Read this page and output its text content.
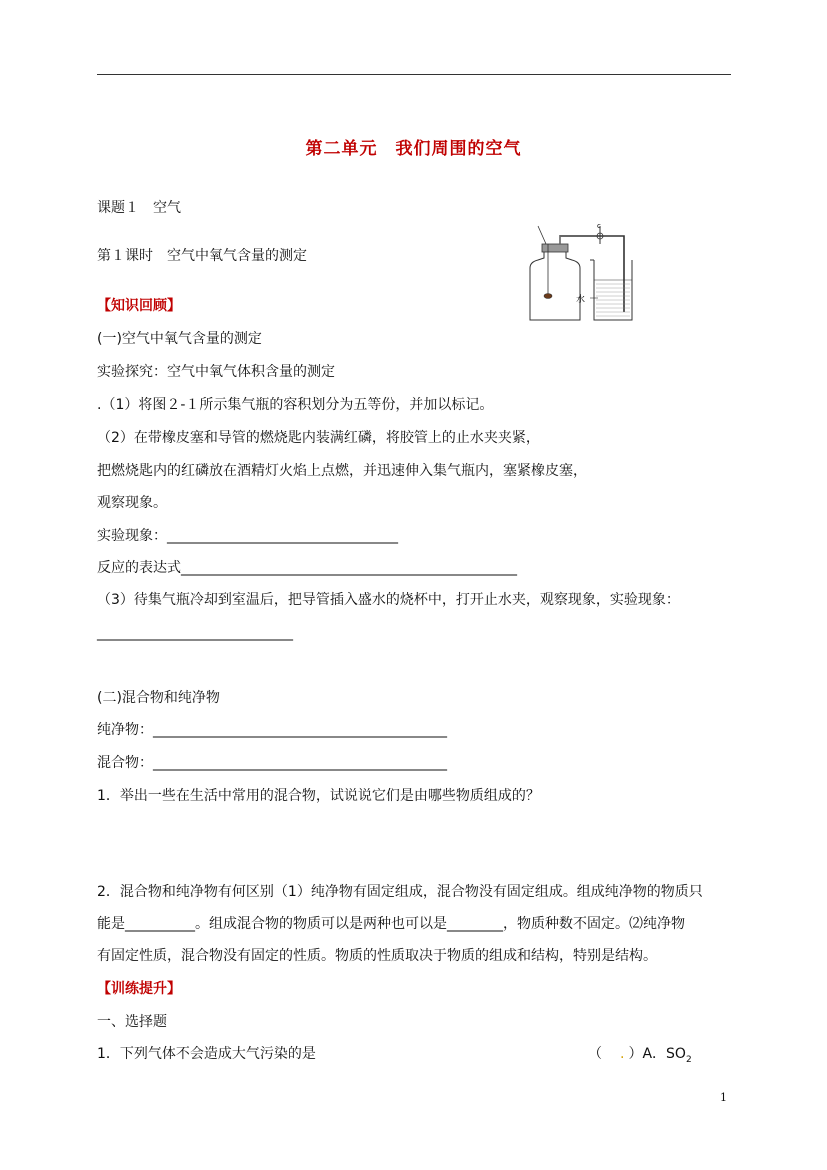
第二单元　我们周围的空气
课题１　空气
第１课时　空气中氧气含量的测定
c
水
【知识回顾】
(一)空气中氧气含量的测定
实验探究：空气中氧气体积含量的测定
.（1）将图２-１所示集气瓶的容积划分为五等份，并加以标记。
（2）在带橡皮塞和导管的燃烧匙内装满红磷，将胶管上的止水夹夹紧，
把燃烧匙内的红磷放在酒精灯火焰上点燃，并迅速伸入集气瓶内，塞紧橡皮塞，
观察现象。
实验现象：_________________________________
反应的表达式________________________________________________
（3）待集气瓶冷却到室温后，把导管插入盛水的烧杯中，打开止水夹，观察现象，实验现象：
____________________________
(二)混合物和纯净物
纯净物：__________________________________________
混合物：__________________________________________
1．举出一些在生活中常用的混合物，试说说它们是由哪些物质组成的？
2．混合物和纯净物有何区别（1）纯净物有固定组成，混合物没有固定组成。组成纯净物的物质只
能是__________。组成混合物的物质可以是两种也可以是________，物质种数不固定。⑵纯净物
有固定性质，混合物没有固定的性质。物质的性质取决于物质的组成和结构，特别是结构。
【训练提升】
一、选择题
1．下列气体不会造成大气污染的是	（ . ）A．$SO_2$
1
